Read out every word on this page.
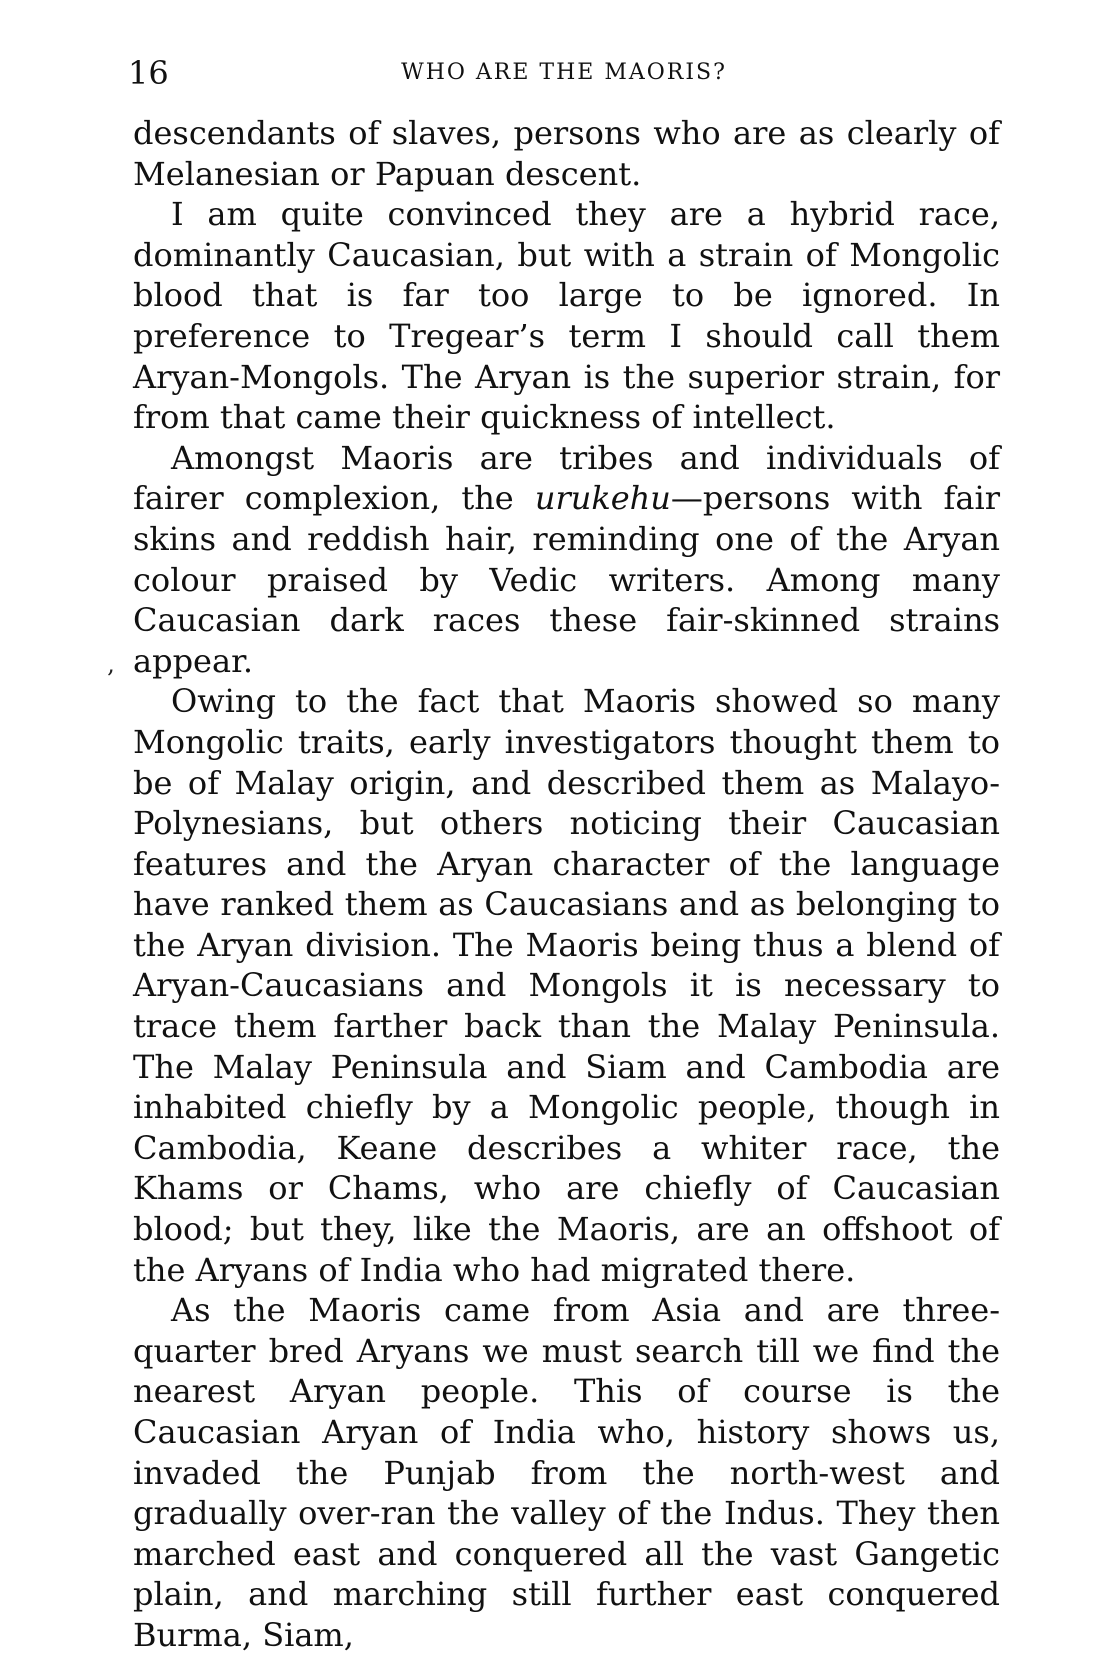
16	WHO ARE THE MAORIS?
‚

descendants of slaves, persons who are as clearly of Melanesian or Papuan descent.

I am quite convinced they are a hybrid race, dominantly Caucasian, but with a strain of Mongolic blood that is far too large to be ignored. In preference to Tregear’s term I should call them Aryan-Mongols. The Aryan is the superior strain, for from that came their quickness of intellect.

Amongst Maoris are tribes and individuals of fairer complexion, the urukehu—persons with fair skins and reddish hair, reminding one of the Aryan colour praised by Vedic writers. Among many Caucasian dark races these fair-skinned strains appear.

Owing to the fact that Maoris showed so many Mongolic traits, early investigators thought them to be of Malay origin, and described them as Malayo-Polynesians, but others noticing their Caucasian features and the Aryan character of the language have ranked them as Caucasians and as belonging to the Aryan division. The Maoris being thus a blend of Aryan-Caucasians and Mongols it is necessary to trace them farther back than the Malay Peninsula. The Malay Peninsula and Siam and Cambodia are inhabited chiefly by a Mongolic people, though in Cambodia, Keane describes a whiter race, the Khams or Chams, who are chiefly of Caucasian blood; but they, like the Maoris, are an offshoot of the Aryans of India who had migrated there.

As the Maoris came from Asia and are three-quarter bred Aryans we must search till we find the nearest Aryan people. This of course is the Caucasian Aryan of India who, history shows us, invaded the Punjab from the north-west and gradually over-ran the valley of the Indus. They then marched east and conquered all the vast Gangetic plain, and marching still further east conquered Burma, Siam,
